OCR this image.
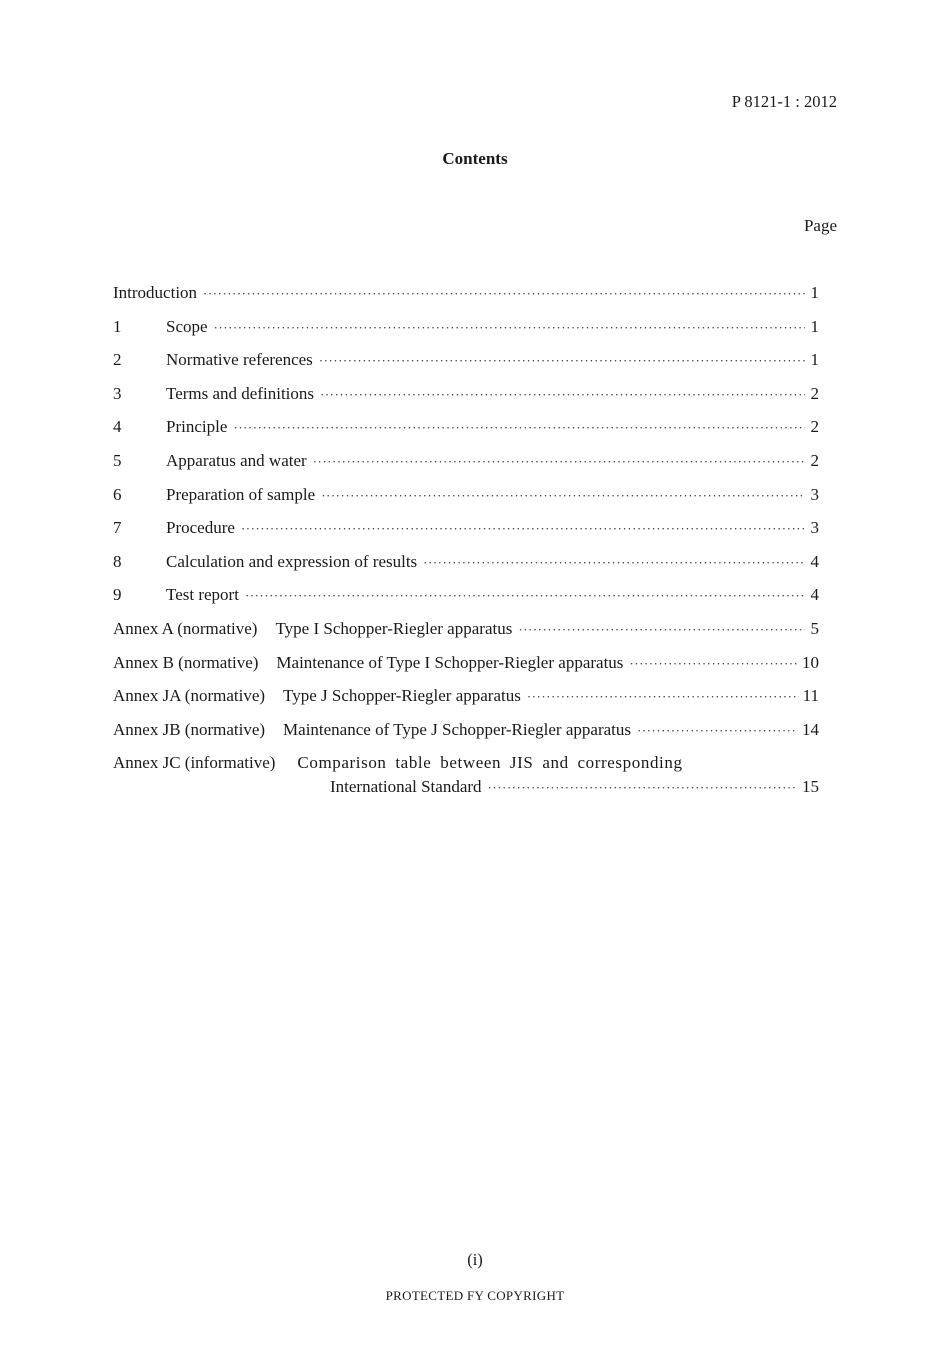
P 8121-1 : 2012
Contents
Page
Introduction ·····	1
1	Scope ·····	1
2	Normative references ·····	1
3	Terms and definitions ·····	2
4	Principle ·····	2
5	Apparatus and water ·····	2
6	Preparation of sample ·····	3
7	Procedure ·····	3
8	Calculation and expression of results ·····	4
9	Test report ·····	4
Annex A (normative) Type I Schopper-Riegler apparatus ·····	5
Annex B (normative) Maintenance of Type I Schopper-Riegler apparatus ·····	10
Annex JA (normative) Type J Schopper-Riegler apparatus ·····	11
Annex JB (normative) Maintenance of Type J Schopper-Riegler apparatus ·····	14
Annex JC (informative) Comparison table between JIS and corresponding
International Standard ·····	15
(i)
PROTECTED FY COPYRIGHT
